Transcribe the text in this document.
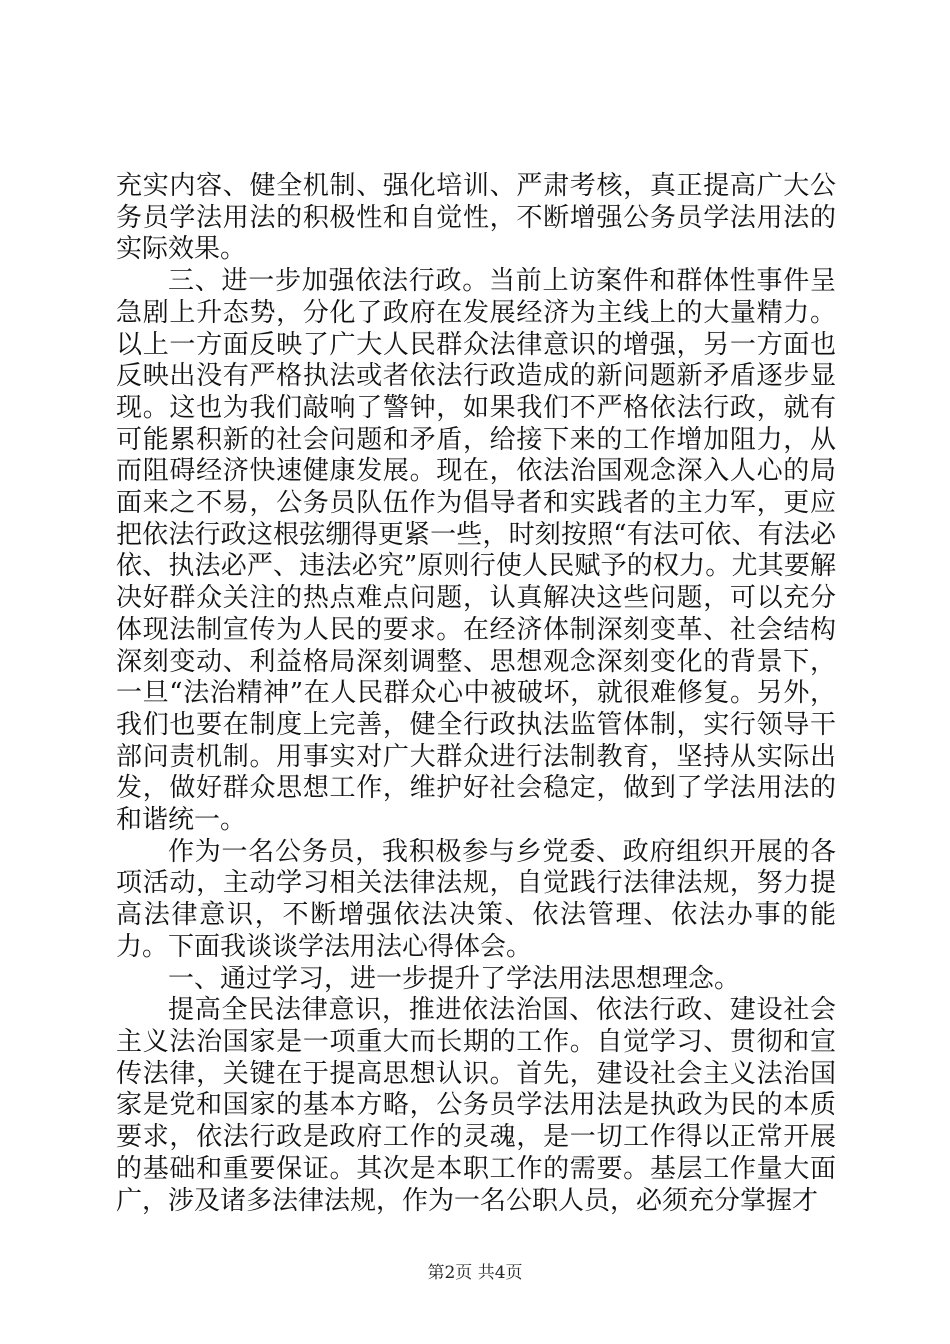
充实内容、健全机制、强化培训、严肃考核，真正提高广大公务员学法用法的积极性和自觉性，不断增强公务员学法用法的实际效果。

三、进一步加强依法行政。当前上访案件和群体性事件呈急剧上升态势，分化了政府在发展经济为主线上的大量精力。以上一方面反映了广大人民群众法律意识的增强，另一方面也反映出没有严格执法或者依法行政造成的新问题新矛盾逐步显现。这也为我们敲响了警钟，如果我们不严格依法行政，就有可能累积新的社会问题和矛盾，给接下来的工作增加阻力，从而阻碍经济快速健康发展。现在，依法治国观念深入人心的局面来之不易，公务员队伍作为倡导者和实践者的主力军，更应把依法行政这根弦绷得更紧一些，时刻按照“有法可依、有法必依、执法必严、违法必究”原则行使人民赋予的权力。尤其要解决好群众关注的热点难点问题，认真解决这些问题，可以充分体现法制宣传为人民的要求。在经济体制深刻变革、社会结构深刻变动、利益格局深刻调整、思想观念深刻变化的背景下，一旦“法治精神”在人民群众心中被破坏，就很难修复。另外，我们也要在制度上完善，健全行政执法监管体制，实行领导干部问责机制。用事实对广大群众进行法制教育，坚持从实际出发，做好群众思想工作，维护好社会稳定，做到了学法用法的和谐统一。

作为一名公务员，我积极参与乡党委、政府组织开展的各项活动，主动学习相关法律法规，自觉践行法律法规，努力提高法律意识，不断增强依法决策、依法管理、依法办事的能力。下面我谈谈学法用法心得体会。

一、通过学习，进一步提升了学法用法思想理念。

提高全民法律意识，推进依法治国、依法行政、建设社会主义法治国家是一项重大而长期的工作。自觉学习、贯彻和宣传法律，关键在于提高思想认识。首先，建设社会主义法治国家是党和国家的基本方略，公务员学法用法是执政为民的本质要求，依法行政是政府工作的灵魂，是一切工作得以正常开展的基础和重要保证。其次是本职工作的需要。基层工作量大面广，涉及诸多法律法规，作为一名公职人员，必须充分掌握才

第2页 共4页
